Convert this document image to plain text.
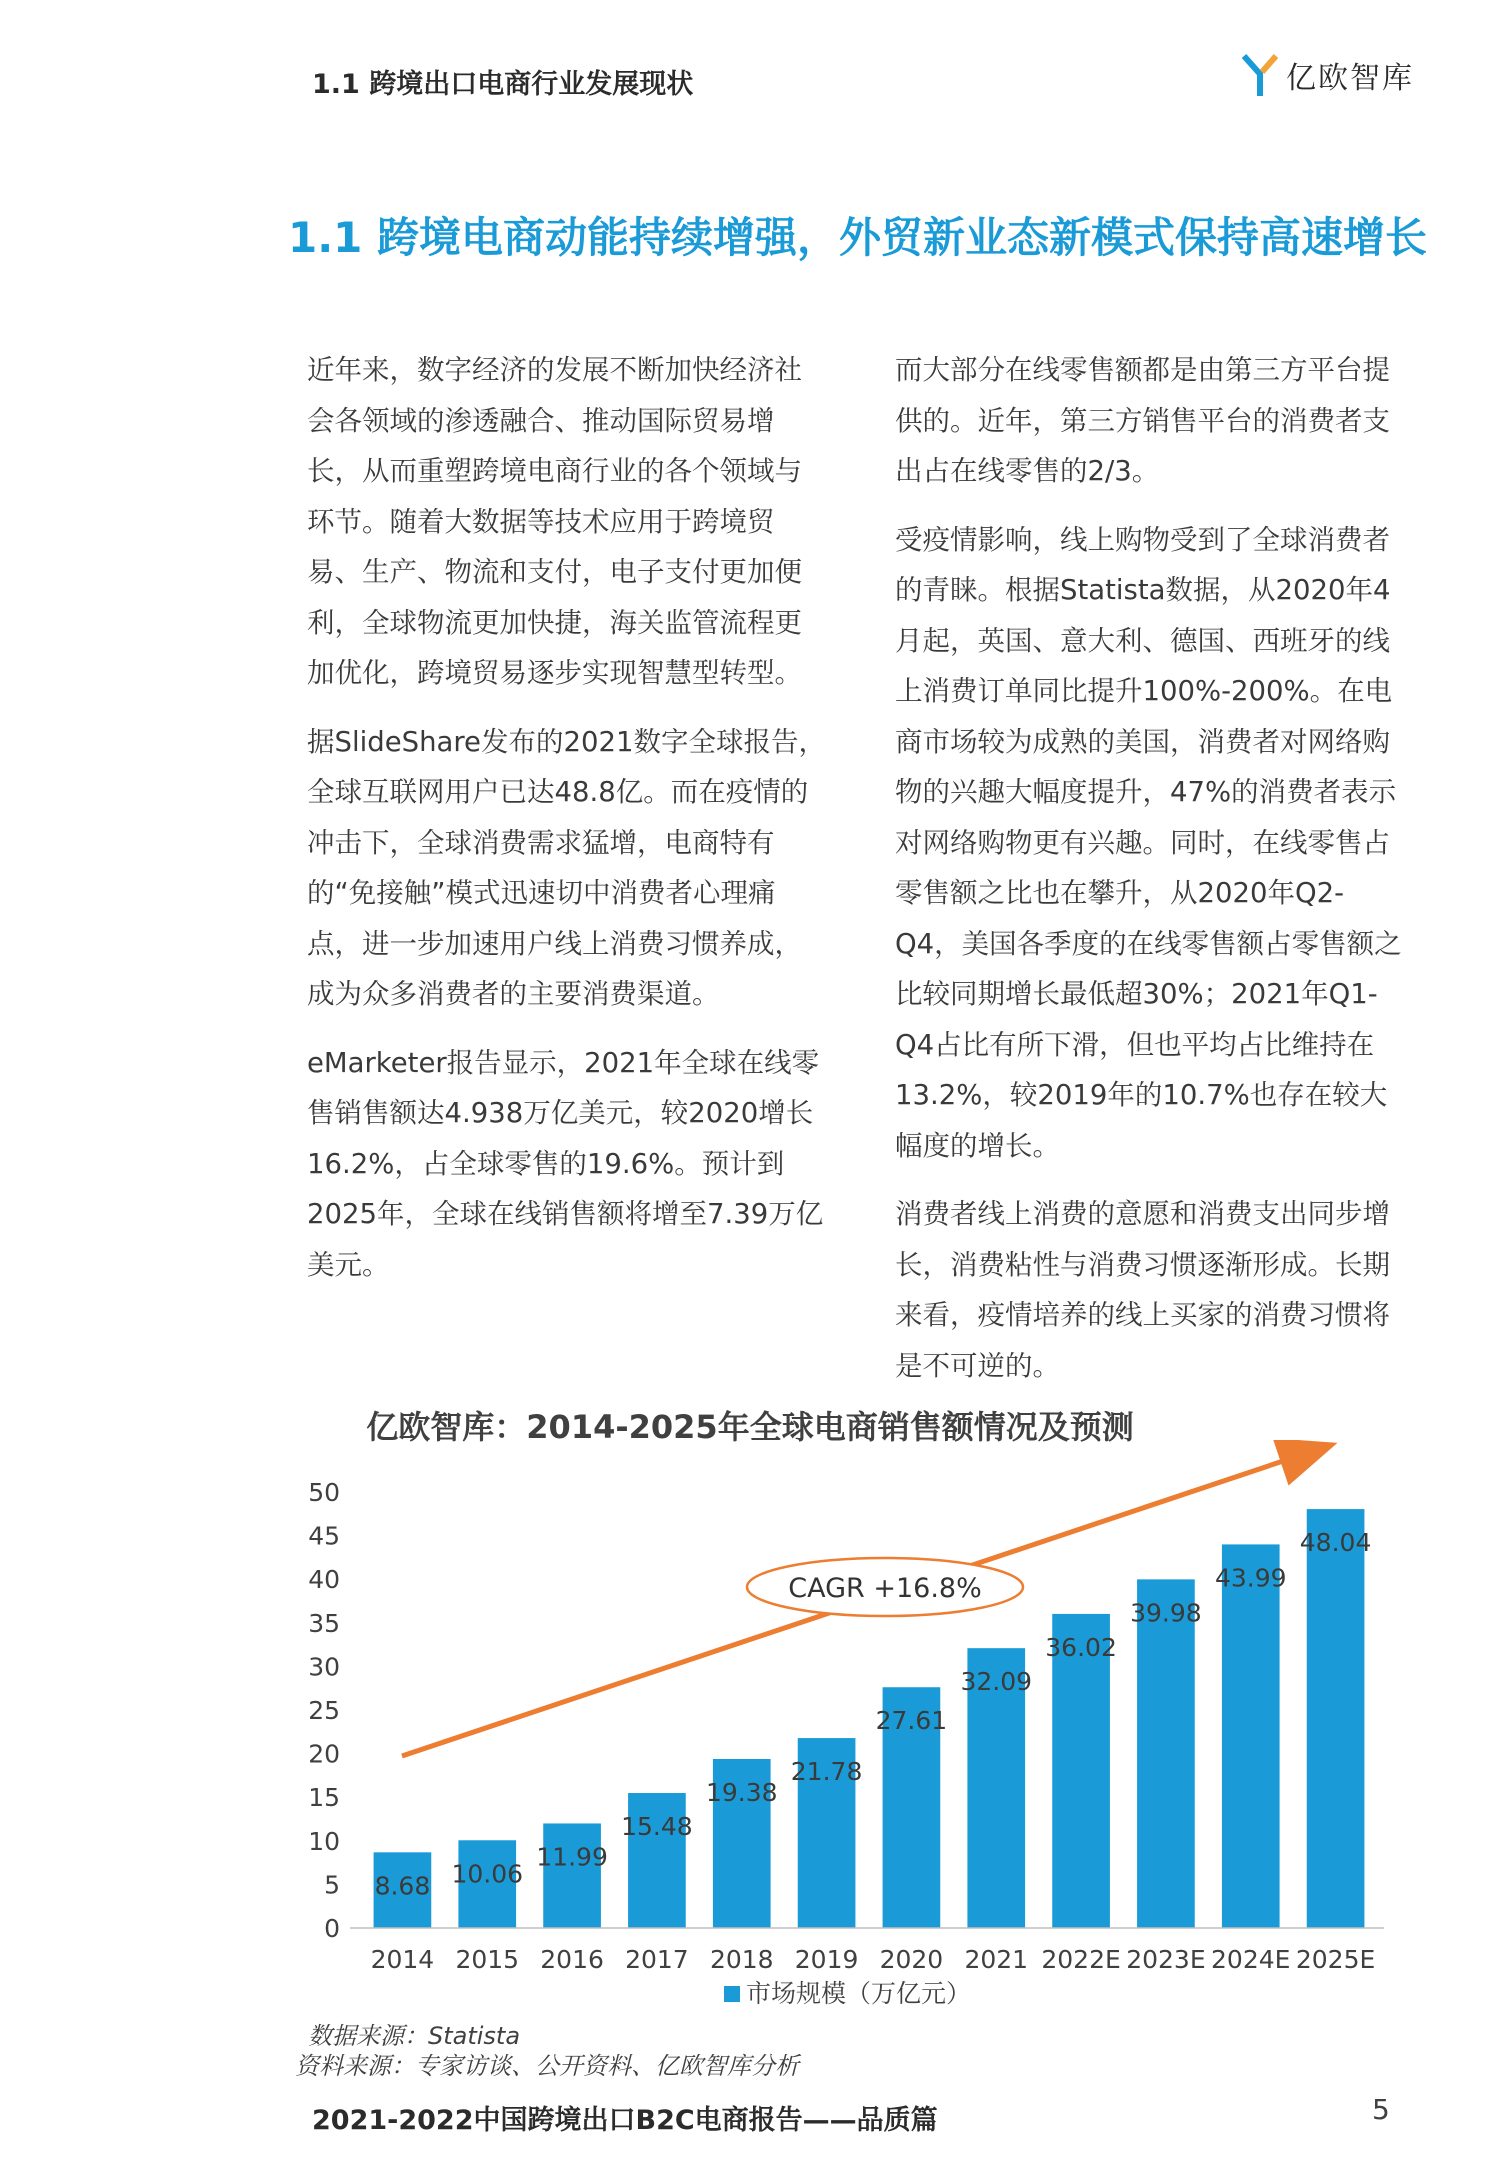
1.1 跨境出口电商行业发展现状	亿欧智库
1.1 跨境电商动能持续增强，外贸新业态新模式保持高速增长

近年来，数字经济的发展不断加快经济社会各领域的渗透融合、推动国际贸易增长，从而重塑跨境电商行业的各个领域与环节。随着大数据等技术应用于跨境贸易、生产、物流和支付，电子支付更加便利，全球物流更加快捷，海关监管流程更加优化，跨境贸易逐步实现智慧型转型。

据SlideShare发布的2021数字全球报告，全球互联网用户已达48.8亿。而在疫情的冲击下，全球消费需求猛增，电商特有的“免接触”模式迅速切中消费者心理痛点，进一步加速用户线上消费习惯养成，成为众多消费者的主要消费渠道。

eMarketer报告显示，2021年全球在线零售销售额达4.938万亿美元，较2020增长16.2%，占全球零售的19.6%。预计到2025年，全球在线销售额将增至7.39万亿美元。

而大部分在线零售额都是由第三方平台提供的。近年，第三方销售平台的消费者支出占在线零售的2/3。

受疫情影响，线上购物受到了全球消费者的青睐。根据Statista数据，从2020年4月起，英国、意大利、德国、西班牙的线上消费订单同比提升100%-200%。在电商市场较为成熟的美国，消费者对网络购物的兴趣大幅度提升，47%的消费者表示对网络购物更有兴趣。同时，在线零售占零售额之比也在攀升，从2020年Q2-Q4，美国各季度的在线零售额占零售额之比较同期增长最低超30%；2021年Q1-Q4占比有所下滑，但也平均占比维持在13.2%，较2019年的10.7%也存在较大幅度的增长。

消费者线上消费的意愿和消费支出同步增长，消费粘性与消费习惯逐渐形成。长期来看，疫情培养的线上买家的消费习惯将是不可逆的。

亿欧智库：2014-2025年全球电商销售额情况及预测
0
5
10
15
20
25
30
35
40
45
50
8.68 10.06
11.99
15.48
19.38
21.78
27.61
32.09
36.02
39.98
43.99
48.04
2014 2015 2016 2017 2018 2019 2020 2021 2022E 2023E 2024E 2025E
CAGR +16.8%
市场规模（万亿元）
数据来源：Statista
资料来源：专家访谈、公开资料、亿欧智库分析
2021-2022中国跨境出口B2C电商报告——品质篇	5
